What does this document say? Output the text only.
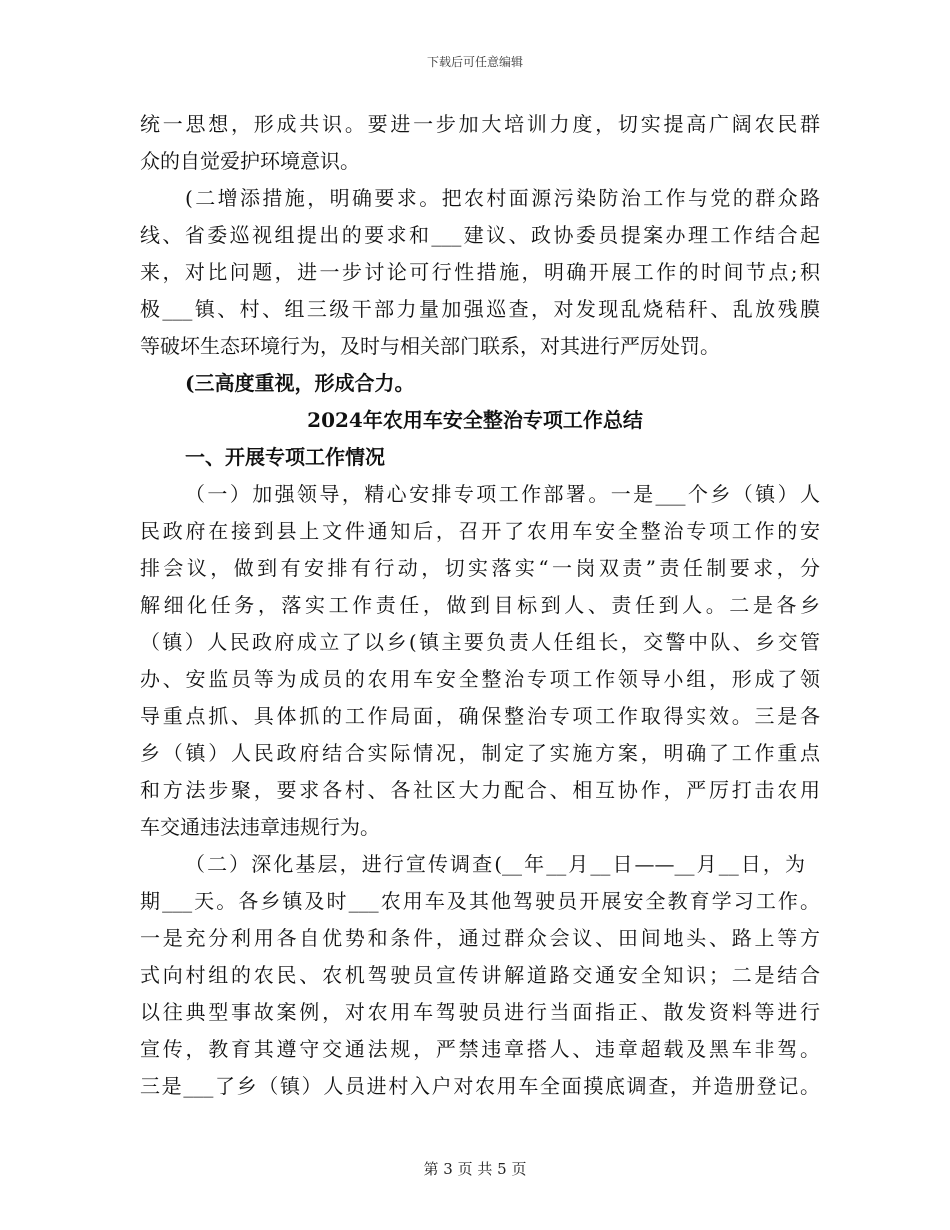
下载后可任意编辑
统一思想，形成共识。要进一步加大培训力度，切实提高广阔农民群
众的自觉爱护环境意识。
(二增添措施，明确要求。把农村面源污染防治工作与党的群众路
线、省委巡视组提出的要求和___建议、政协委员提案办理工作结合起
来，对比问题，进一步讨论可行性措施，明确开展工作的时间节点;积
极___镇、村、组三级干部力量加强巡查，对发现乱烧秸秆、乱放残膜
等破坏生态环境行为，及时与相关部门联系，对其进行严厉处罚。
(三高度重视，形成合力。
2024年农用车安全整治专项工作总结
一、开展专项工作情况
（一）加强领导，精心安排专项工作部署。一是___个乡（镇）人
民政府在接到县上文件通知后，召开了农用车安全整治专项工作的安
排会议，做到有安排有行动，切实落实“一岗双责”责任制要求，分
解细化任务，落实工作责任，做到目标到人、责任到人。二是各乡
（镇）人民政府成立了以乡(镇主要负责人任组长，交警中队、乡交管
办、安监员等为成员的农用车安全整治专项工作领导小组，形成了领
导重点抓、具体抓的工作局面，确保整治专项工作取得实效。三是各
乡（镇）人民政府结合实际情况，制定了实施方案，明确了工作重点
和方法步聚，要求各村、各社区大力配合、相互协作，严厉打击农用
车交通违法违章违规行为。
（二）深化基层，进行宣传调查(__年__月__日——__月__日，为
期___天。各乡镇及时___农用车及其他驾驶员开展安全教育学习工作。
一是充分利用各自优势和条件，通过群众会议、田间地头、路上等方
式向村组的农民、农机驾驶员宣传讲解道路交通安全知识；二是结合
以往典型事故案例，对农用车驾驶员进行当面指正、散发资料等进行
宣传，教育其遵守交通法规，严禁违章搭人、违章超载及黑车非驾。
三是___了乡（镇）人员进村入户对农用车全面摸底调查，并造册登记。
第 3 页 共 5 页
